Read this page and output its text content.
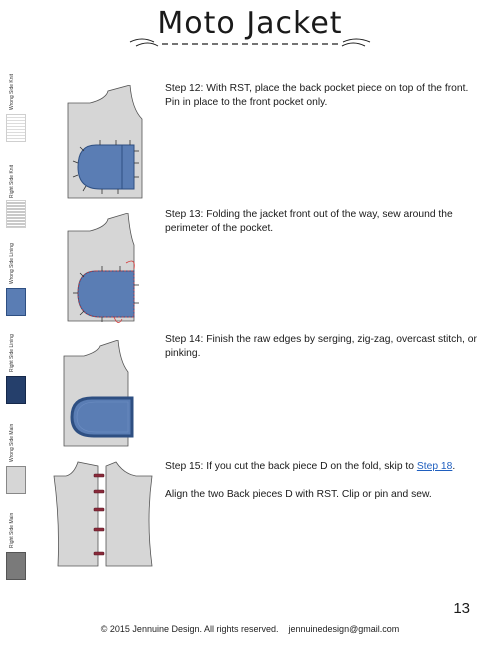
Moto Jacket
Wrong Side Knit
Right Side Knit
Wrong Side Lining
Right Side Lining
Wrong Side Main
Right Side Main
Step 12: With RST, place the back pocket piece on top of the front. Pin in place to the front pocket only.
Step 13: Folding the jacket front out of the way, sew around the perimeter of the pocket.
Step 14: Finish the raw edges by serging, zig-zag, overcast stitch, or pinking.
Step 15: If you cut the back piece D on the fold, skip to Step 18.
Align the two Back pieces D with RST. Clip or pin and sew.
13
© 2015 Jennuine Design. All rights reserved. jennuinedesign@gmail.com
